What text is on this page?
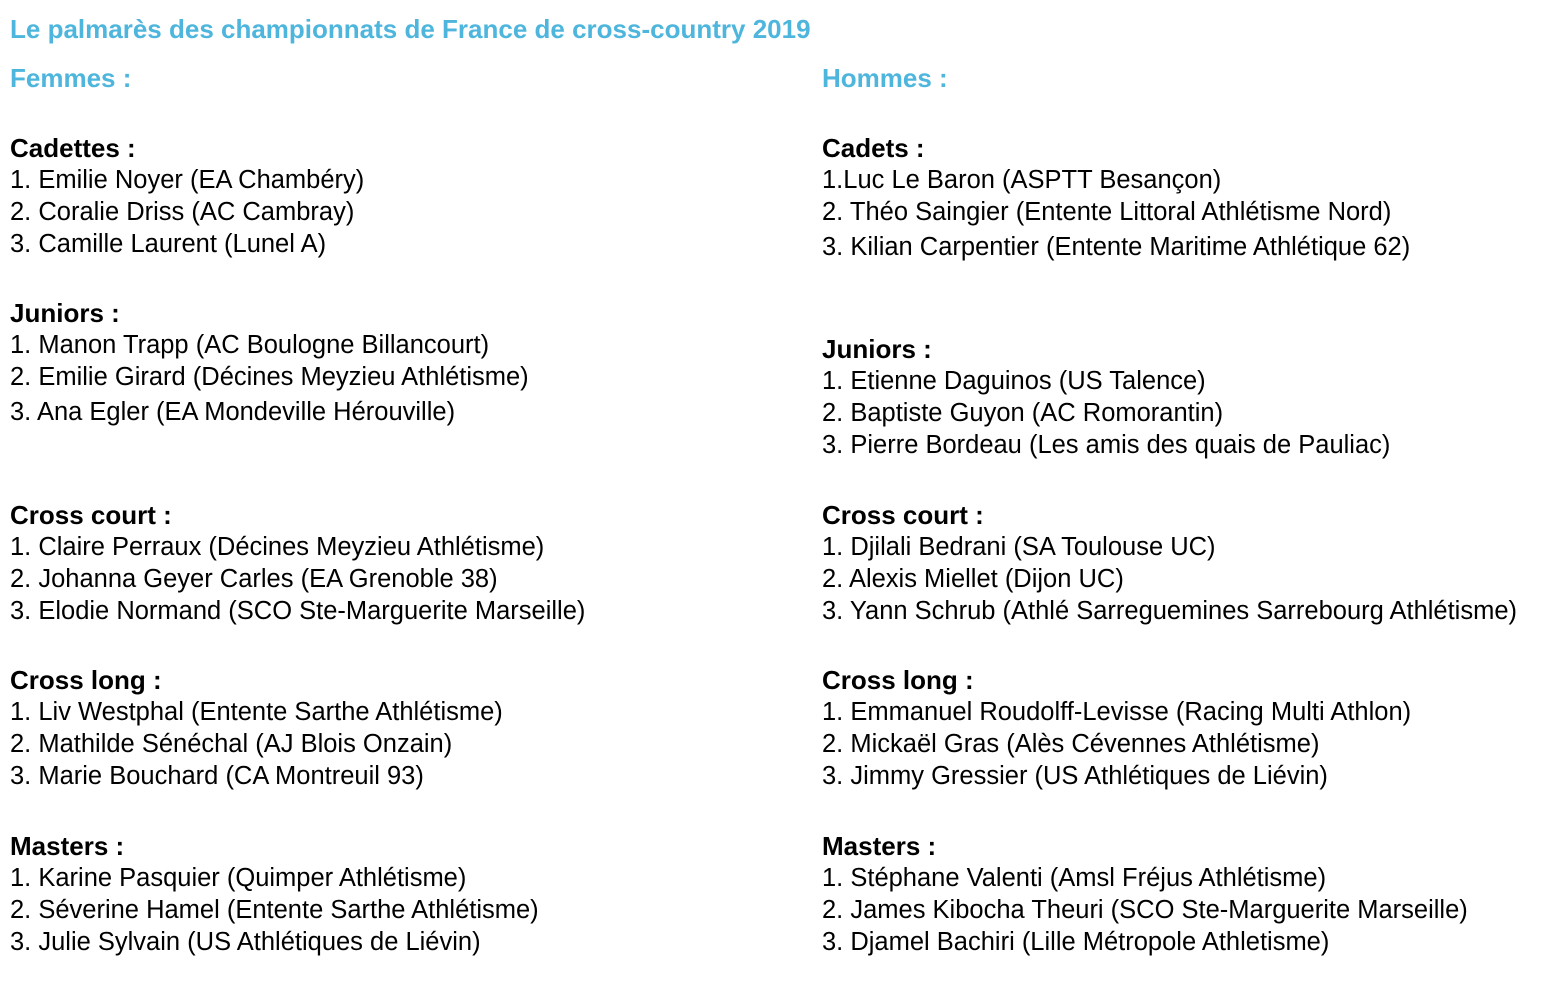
Le palmarès des championnats de France de cross-country 2019
Femmes :
Cadettes :
1. Emilie Noyer (EA Chambéry)
2. Coralie Driss (AC Cambray)
3. Camille Laurent (Lunel A)
Juniors :
1. Manon Trapp (AC Boulogne Billancourt)
2. Emilie Girard (Décines Meyzieu Athlétisme)
3. Ana Egler (EA Mondeville Hérouville)
Cross court :
1. Claire Perraux (Décines Meyzieu Athlétisme)
2. Johanna Geyer Carles (EA Grenoble 38)
3. Elodie Normand (SCO Ste-Marguerite Marseille)
Cross long :
1. Liv Westphal (Entente Sarthe Athlétisme)
2. Mathilde Sénéchal (AJ Blois Onzain)
3. Marie Bouchard (CA Montreuil 93)
Masters :
1. Karine Pasquier (Quimper Athlétisme)
2. Séverine Hamel (Entente Sarthe Athlétisme)
3. Julie Sylvain (US Athlétiques de Liévin)
Hommes :
Cadets :
1.Luc Le Baron (ASPTT Besançon)
2. Théo Saingier (Entente Littoral Athlétisme Nord)
3. Kilian Carpentier (Entente Maritime Athlétique 62)
Juniors :
1. Etienne Daguinos (US Talence)
2. Baptiste Guyon (AC Romorantin)
3. Pierre Bordeau (Les amis des quais de Pauliac)
Cross court :
1. Djilali Bedrani (SA Toulouse UC)
2. Alexis Miellet (Dijon UC)
3. Yann Schrub (Athlé Sarreguemines Sarrebourg Athlétisme)
Cross long :
1. Emmanuel Roudolff-Levisse (Racing Multi Athlon)
2. Mickaël Gras (Alès Cévennes Athlétisme)
3. Jimmy Gressier (US Athlétiques de Liévin)
Masters :
1. Stéphane Valenti (Amsl Fréjus Athlétisme)
2. James Kibocha Theuri (SCO Ste-Marguerite Marseille)
3. Djamel Bachiri (Lille Métropole Athletisme)
